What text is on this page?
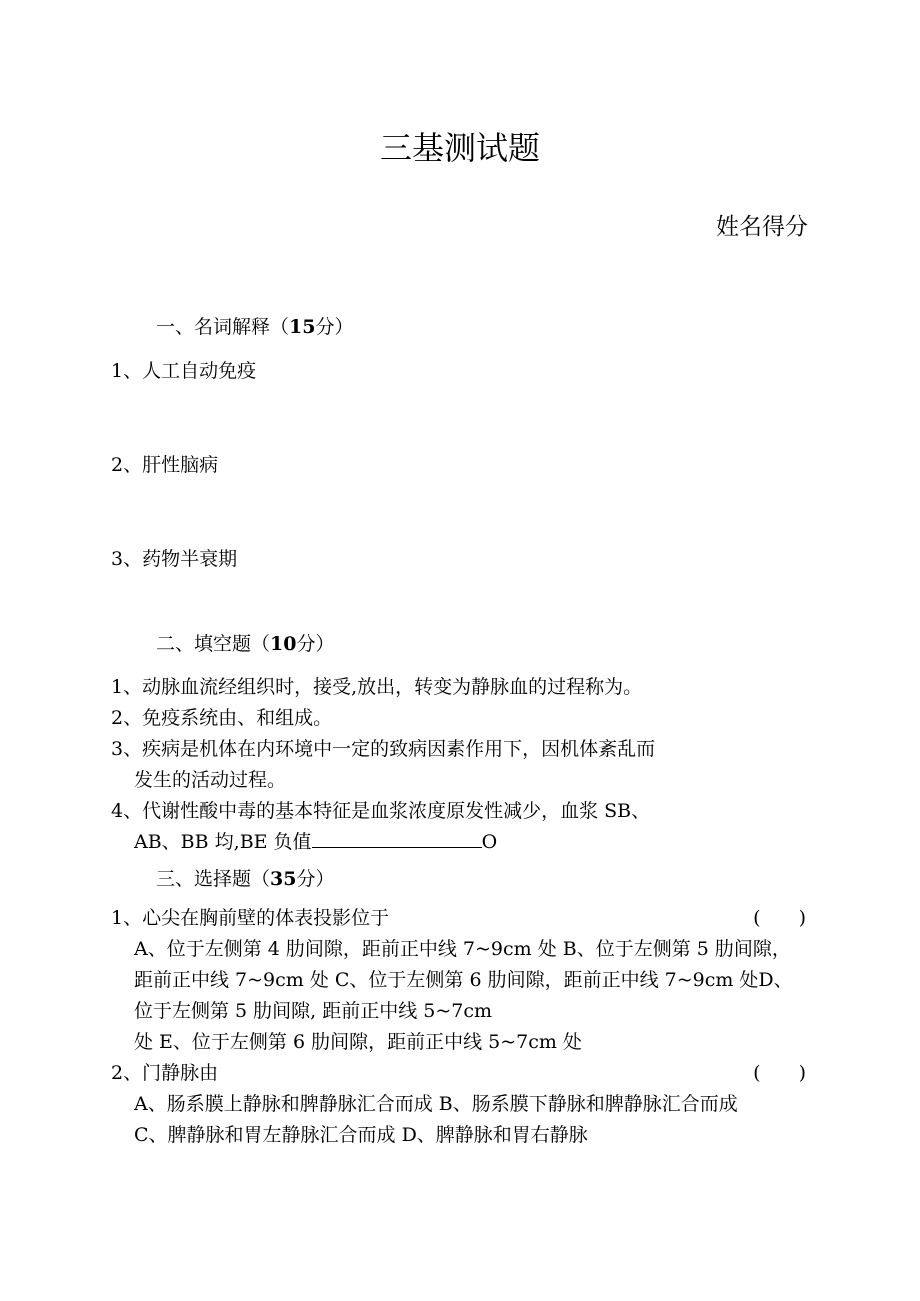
三基测试题
姓名得分
一、名词解释（15分）
1、人工自动免疫
2、肝性脑病
3、药物半衰期
二、填空题（10分）
1、动脉血流经组织时，接受,放出，转变为静脉血的过程称为。
2、免疫系统由、和组成。
3、疾病是机体在内环境中一定的致病因素作用下，因机体紊乱而
发生的活动过程。
4、代谢性酸中毒的基本特征是血浆浓度原发性减少，血浆 SB、
AB、BB 均,BE 负值	O
三、选择题（35分）
1、心尖在胸前壁的体表投影位于	(　　)
A、位于左侧第 4 肋间隙，距前正中线 7~9cm 处 B、位于左侧第 5 肋间隙，
距前正中线 7~9cm 处 C、位于左侧第 6 肋间隙，距前正中线 7~9cm 处D、
位于左侧第 5 肋间隙, 距前正中线 5~7cm
处 E、位于左侧第 6 肋间隙，距前正中线 5~7cm 处
2、门静脉由	(　　)
A、肠系膜上静脉和脾静脉汇合而成 B、肠系膜下静脉和脾静脉汇合而成
C、脾静脉和胃左静脉汇合而成 D、脾静脉和胃右静脉
